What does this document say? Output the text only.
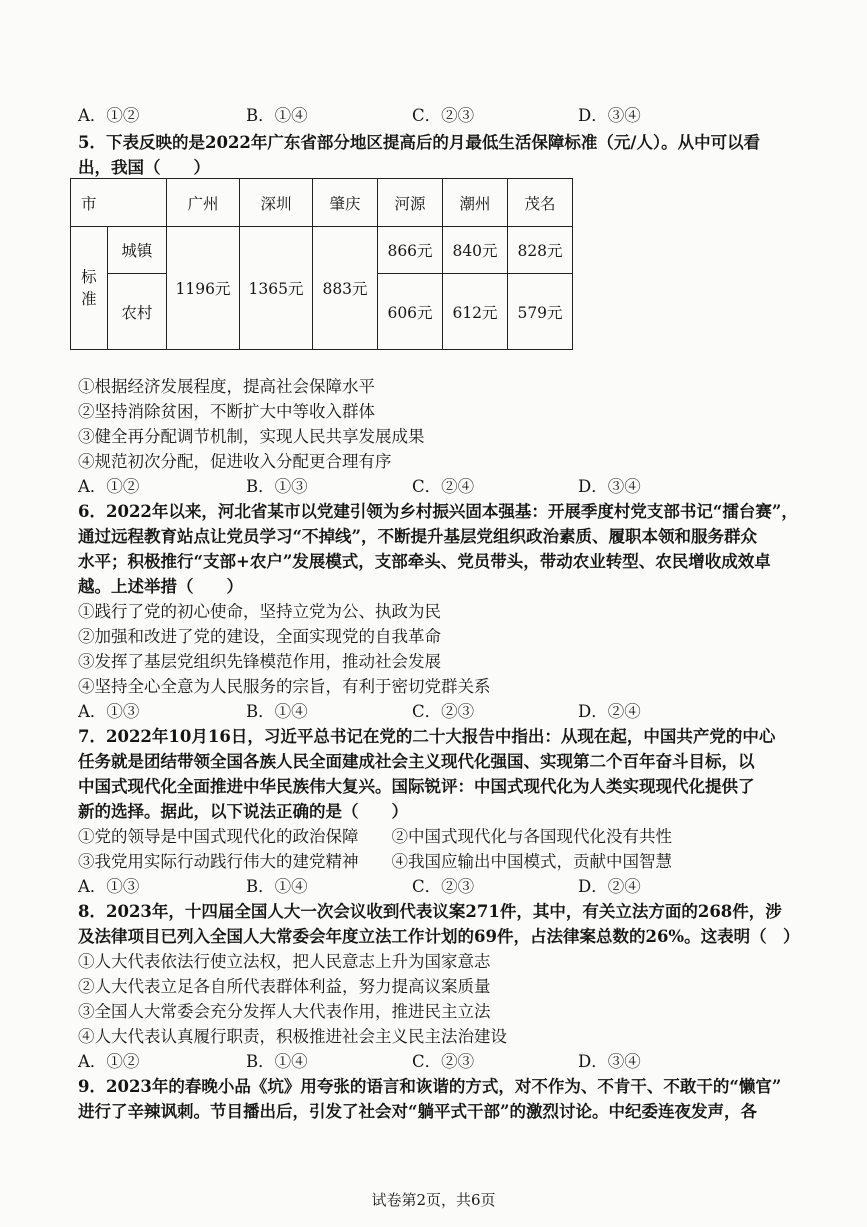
A．①②	B．①④	C．②③	D．③④
5．下表反映的是2022年广东省部分地区提高后的月最低生活保障标准（元/人）。从中可以看
出，我国（　　）
市		广州	深圳	肇庆	河源	潮州	茂名

标
准	城镇	1196元	1365元	883元	866元	840元	828元
	农村				606元	612元	579元
①根据经济发展程度，提高社会保障水平
②坚持消除贫困，不断扩大中等收入群体
③健全再分配调节机制，实现人民共享发展成果
④规范初次分配，促进收入分配更合理有序
A．①②	B．①③	C．②④	D．③④
6．2022年以来，河北省某市以党建引领为乡村振兴固本强基：开展季度村党支部书记“擂台赛”，
通过远程教育站点让党员学习“不掉线”，不断提升基层党组织政治素质、履职本领和服务群众
水平；积极推行“支部+农户”发展模式，支部牵头、党员带头，带动农业转型、农民增收成效卓
越。上述举措（　　）
①践行了党的初心使命，坚持立党为公、执政为民
②加强和改进了党的建设，全面实现党的自我革命
③发挥了基层党组织先锋模范作用，推动社会发展
④坚持全心全意为人民服务的宗旨，有利于密切党群关系
A．①③	B．①④	C．②③	D．②④
7．2022年10月16日，习近平总书记在党的二十大报告中指出：从现在起，中国共产党的中心
任务就是团结带领全国各族人民全面建成社会主义现代化强国、实现第二个百年奋斗目标，以
中国式现代化全面推进中华民族伟大复兴。国际锐评：中国式现代化为人类实现现代化提供了
新的选择。据此，以下说法正确的是（　　）
①党的领导是中国式现代化的政治保障　　②中国式现代化与各国现代化没有共性
③我党用实际行动践行伟大的建党精神　　④我国应输出中国模式，贡献中国智慧
A．①③	B．①④	C．②③	D．②④
8．2023年，十四届全国人大一次会议收到代表议案271件，其中，有关立法方面的268件，涉
及法律项目已列入全国人大常委会年度立法工作计划的69件，占法律案总数的26%。这表明（　）
①人大代表依法行使立法权，把人民意志上升为国家意志
②人大代表立足各自所代表群体利益，努力提高议案质量
③全国人大常委会充分发挥人大代表作用，推进民主立法
④人大代表认真履行职责，积极推进社会主义民主法治建设
A．①②	B．①④	C．②③	D．③④
9．2023年的春晚小品《坑》用夸张的语言和诙谐的方式，对不作为、不肯干、不敢干的“懒官”
进行了辛辣讽刺。节目播出后，引发了社会对“躺平式干部”的激烈讨论。中纪委连夜发声，各
试卷第2页，共6页
